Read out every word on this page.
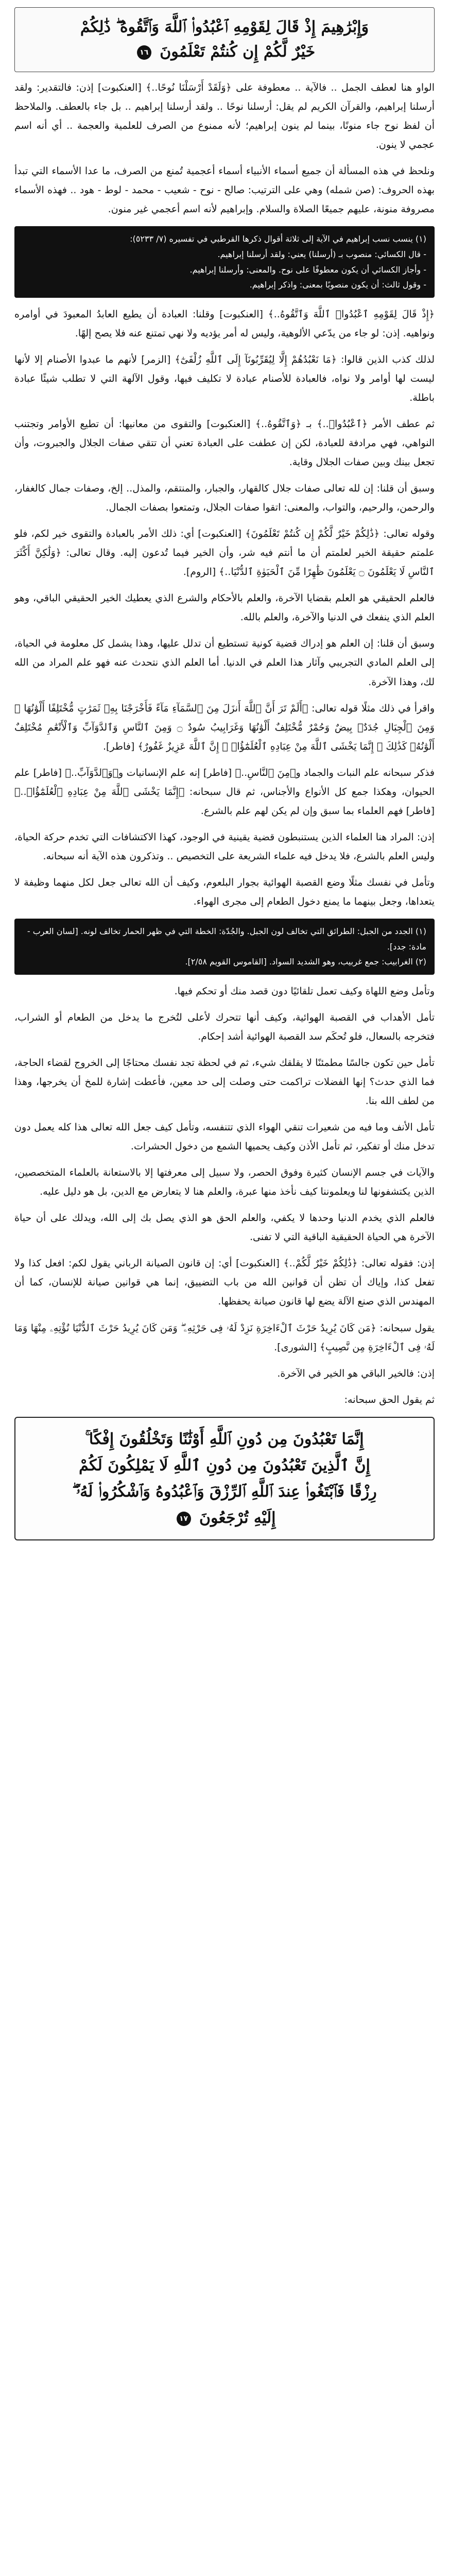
وَإِبْرَٰهِيمَ إِذْ قَالَ لِقَوْمِهِ ٱعْبُدُوا۟ ٱللَّهَ وَٱتَّقُوهُ ۖ ذَٰلِكُمْ
خَيْرٌ لَّكُمْ إِن كُنتُمْ تَعْلَمُونَ ١٦

الواو هنا لعطف الجمل .. فالآية .. معطوفة على ﴿وَلَقَدْ أَرْسَلْنَا نُوحًا..﴾ [العنكبوت] إذن: فالتقدير: ولقد أرسلنا إبراهيم، والقرآن الكريم لم يقل: أرسلنا نوحًا .. ولقد أرسلنا إبراهيم .. بل جاء بالعطف. والملاحظ أن لفظ نوح جاء منونًا، بينما لم ينون إبراهيم؛ لأنه ممنوع من الصرف للعلمية والعجمة .. أي أنه اسم عجمي لا ينون.

ونلحظ في هذه المسألة أن جميع أسماء الأنبياء أسماء أعجمية تُمنع من الصرف، ما عدا الأسماء التي تبدأ بهذه الحروف: (صن شمله) وهي على الترتيب: صالح - نوح - شعيب - محمد - لوط - هود .. فهذه الأسماء مصروفة منونة، عليهم جميعًا الصلاة والسلام. وإبراهيم لأنه اسم أعجمي غير منون.

(١) ينسب نسب إبراهيم في الآية إلى ثلاثة أقوال ذكرها القرطبي في تفسيره (٧/ ٥٢٣٣):
- قال الكسائي: منصوب بـ (أرسلنا) يعني: ولقد أرسلنا إبراهيم.
- وأجاز الكسائي أن يكون معطوفًا على نوح. والمعنى: وأرسلنا إبراهيم.
- وقول ثالث: أن يكون منصوبًا بمعنى: واذكر إبراهيم.

﴿إِذْ قَالَ لِقَوْمِهِ ٱعْبُدُوا۟ ٱللَّهَ وَٱتَّقُوهُ..﴾ [العنكبوت] وقلنا: العبادة أن يطيع العابدُ المعبودَ في أوامره ونواهيه. إذن: لو جاء من يدّعي الألوهية، وليس له أمر يؤديه ولا نهي تمتنع عنه فلا يصح إلهًا.

لذلك كذب الذين قالوا: ﴿مَا نَعْبُدُهُمْ إِلَّا لِيُقَرِّبُونَآ إِلَى ٱللَّهِ زُلْفَىٰٓ﴾ [الزمر] لأنهم ما عبدوا الأصنام إلا لأنها ليست لها أوامر ولا نواه، فالعبادة للأصنام عبادة لا تكليف فيها، وقول الآلهة التي لا تطلب شيئًا عبادة باطلة.

ثم عطف الأمر ﴿ٱعْبُدُوا۟..﴾ بـ ﴿وَٱتَّقُوهُ..﴾ [العنكبوت] والتقوى من معانيها: أن تطيع الأوامر وتجتنب النواهي، فهي مرادفة للعبادة، لكن إن عطفت على العبادة تعني أن تتقي صفات الجلال والجبروت، وأن تجعل بينك وبين صفات الجلال وقاية.

وسبق أن قلنا: إن لله تعالى صفات جلال كالقهار، والجبار، والمنتقم، والمذل.. إلخ، وصفات جمال كالغفار، والرحمن، والرحيم، والتواب، والمعنى: اتقوا صفات الجلال، وتمتعوا بصفات الجمال.

وقوله تعالى: ﴿ذَٰلِكُمْ خَيْرٌ لَّكُمْ إِن كُنتُمْ تَعْلَمُونَ﴾ [العنكبوت] أي: ذلك الأمر بالعبادة والتقوى خير لكم، فلو علمتم حقيقة الخير لعلمتم أن ما أنتم فيه شر، وأن الخير فيما تُدعون إليه. وقال تعالى: ﴿وَلَٰكِنَّ أَكْثَرَ ٱلنَّاسِ لَا يَعْلَمُونَ ۝ يَعْلَمُونَ ظَٰهِرًا مِّنَ ٱلْحَيَوٰةِ ٱلدُّنْيَا..﴾ [الروم].

فالعلم الحقيقي هو العلم بقضايا الآخرة، والعلم بالأحكام والشرع الذي يعطيك الخير الحقيقي الباقي، وهو العلم الذي ينفعك في الدنيا والآخرة، والعلم بالله.

وسبق أن قلنا: إن العلم هو إدراك قضية كونية تستطيع أن تدلل عليها، وهذا يشمل كل معلومة في الحياة، إلى العلم المادي التجريبي وآثار هذا العلم في الدنيا. أما العلم الذي نتحدث عنه فهو علم المراد من الله لك، وهذا الآخرة.

واقرأ في ذلك مثلًا قوله تعالى: ﴿أَلَمْ تَرَ أَنَّ ٱللَّهَ أَنزَلَ مِنَ ٱلسَّمَآءِ مَآءً فَأَخْرَجْنَا بِهِۦ ثَمَرَٰتٍ مُّخْتَلِفًا أَلْوَٰنُهَا ۚ وَمِنَ ٱلْجِبَالِ جُدَدٌۢ بِيضٌ وَحُمْرٌ مُّخْتَلِفٌ أَلْوَٰنُهَا وَغَرَابِيبُ سُودٌ ۝ وَمِنَ ٱلنَّاسِ وَٱلدَّوَآبِّ وَٱلْأَنْعَٰمِ مُخْتَلِفٌ أَلْوَٰنُهُۥ كَذَٰلِكَ ۗ إِنَّمَا يَخْشَى ٱللَّهَ مِنْ عِبَادِهِ ٱلْعُلَمَٰٓؤُا۟ ۗ إِنَّ ٱللَّهَ عَزِيزٌ غَفُورٌ﴾ [فاطر].

فذكر سبحانه علم النبات والجماد و﴿مِنَ ٱلنَّاسِ..﴾ [فاطر] إنه علم الإنسانيات و﴿وَٱلدَّوَآبِّ..﴾ [فاطر] علم الحيوان، وهكذا جمع كل الأنواع والأجناس، ثم قال سبحانه: ﴿إِنَّمَا يَخْشَى ٱللَّهَ مِنْ عِبَادِهِ ٱلْعُلَمَٰٓؤُا۟..﴾ [فاطر] فهم العلماء بما سبق وإن لم يكن لهم علم بالشرع.

إذن: المراد هنا العلماء الذين يستنبطون قضية يقينية في الوجود، كهذا الاكتشافات التي تخدم حركة الحياة، وليس العلم بالشرع، فلا يدخل فيه علماء الشريعة على التخصيص .. وتذكرون هذه الآية أنه سبحانه.

وتأمل في نفسك مثلًا وضع القصبة الهوائية بجوار البلعوم، وكيف أن الله تعالى جعل لكل منهما وظيفة لا يتعداها، وجعل بينهما ما يمنع دخول الطعام إلى مجرى الهواء.

(١) الجدد من الجبل: الطرائق التي تخالف لون الجبل. والجُدّة: الخطة التي في ظهر الحمار تخالف لونه. [لسان العرب - مادة: جدد].
(٢) الغرابيب: جمع غربيب، وهو الشديد السواد. [القاموس القويم ٢/٥٨].

وتأمل وضع اللهاة وكيف تعمل تلقائيًا دون قصد منك أو تحكم فيها.

تأمل الأهداب في القصبة الهوائية، وكيف أنها تتحرك لأعلى لتُخرج ما يدخل من الطعام أو الشراب، فتخرجه بالسعال، فلو تُحكَم سد القصبة الهوائية أشد إحكام.

تأمل حين تكون جالسًا مطمئنًا لا يقلقك شيء، ثم في لحظة تجد نفسك محتاجًا إلى الخروج لقضاء الحاجة، فما الذي حدث؟ إنها الفضلات تراكمت حتى وصلت إلى حد معين، فأعطت إشارة للمخ أن يخرجها، وهذا من لطف الله بنا.

تأمل الأنف وما فيه من شعيرات تنقي الهواء الذي تتنفسه، وتأمل كيف جعل الله تعالى هذا كله يعمل دون تدخل منك أو تفكير، ثم تأمل الأذن وكيف يحميها الشمع من دخول الحشرات.

والآيات في جسم الإنسان كثيرة وفوق الحصر، ولا سبيل إلى معرفتها إلا بالاستعانة بالعلماء المتخصصين، الذين يكتشفونها لنا ويعلموننا كيف نأخذ منها عبرة، والعلم هنا لا يتعارض مع الدين، بل هو دليل عليه.

فالعلم الذي يخدم الدنيا وحدها لا يكفي، والعلم الحق هو الذي يصل بك إلى الله، ويدلك على أن حياة الآخرة هي الحياة الحقيقية الباقية التي لا تفنى.

إذن: فقوله تعالى: ﴿ذَٰلِكُمْ خَيْرٌ لَّكُمْ..﴾ [العنكبوت] أي: إن قانون الصيانة الرباني يقول لكم: افعل كذا ولا تفعل كذا، وإياك أن تظن أن قوانين الله من باب التضييق، إنما هي قوانين صيانة للإنسان، كما أن المهندس الذي صنع الآلة يضع لها قانون صيانة يحفظها.

يقول سبحانه: ﴿مَن كَانَ يُرِيدُ حَرْثَ ٱلْءَاخِرَةِ نَزِدْ لَهُۥ فِى حَرْثِهِۦ ۖ وَمَن كَانَ يُرِيدُ حَرْثَ ٱلدُّنْيَا نُؤْتِهِۦ مِنْهَا وَمَا لَهُۥ فِى ٱلْءَاخِرَةِ مِن نَّصِيبٍ﴾ [الشورى].

إذن: فالخير الباقي هو الخير في الآخرة.

ثم يقول الحق سبحانه:

إِنَّمَا تَعْبُدُونَ مِن دُونِ ٱللَّهِ أَوْثَٰنًا وَتَخْلُقُونَ إِفْكًا ۚ
إِنَّ ٱلَّذِينَ تَعْبُدُونَ مِن دُونِ ٱللَّهِ لَا يَمْلِكُونَ لَكُمْ
رِزْقًا فَٱبْتَغُوا۟ عِندَ ٱللَّهِ ٱلرِّزْقَ وَٱعْبُدُوهُ وَٱشْكُرُوا۟ لَهُۥٓ ۖ
إِلَيْهِ تُرْجَعُونَ ١٧
